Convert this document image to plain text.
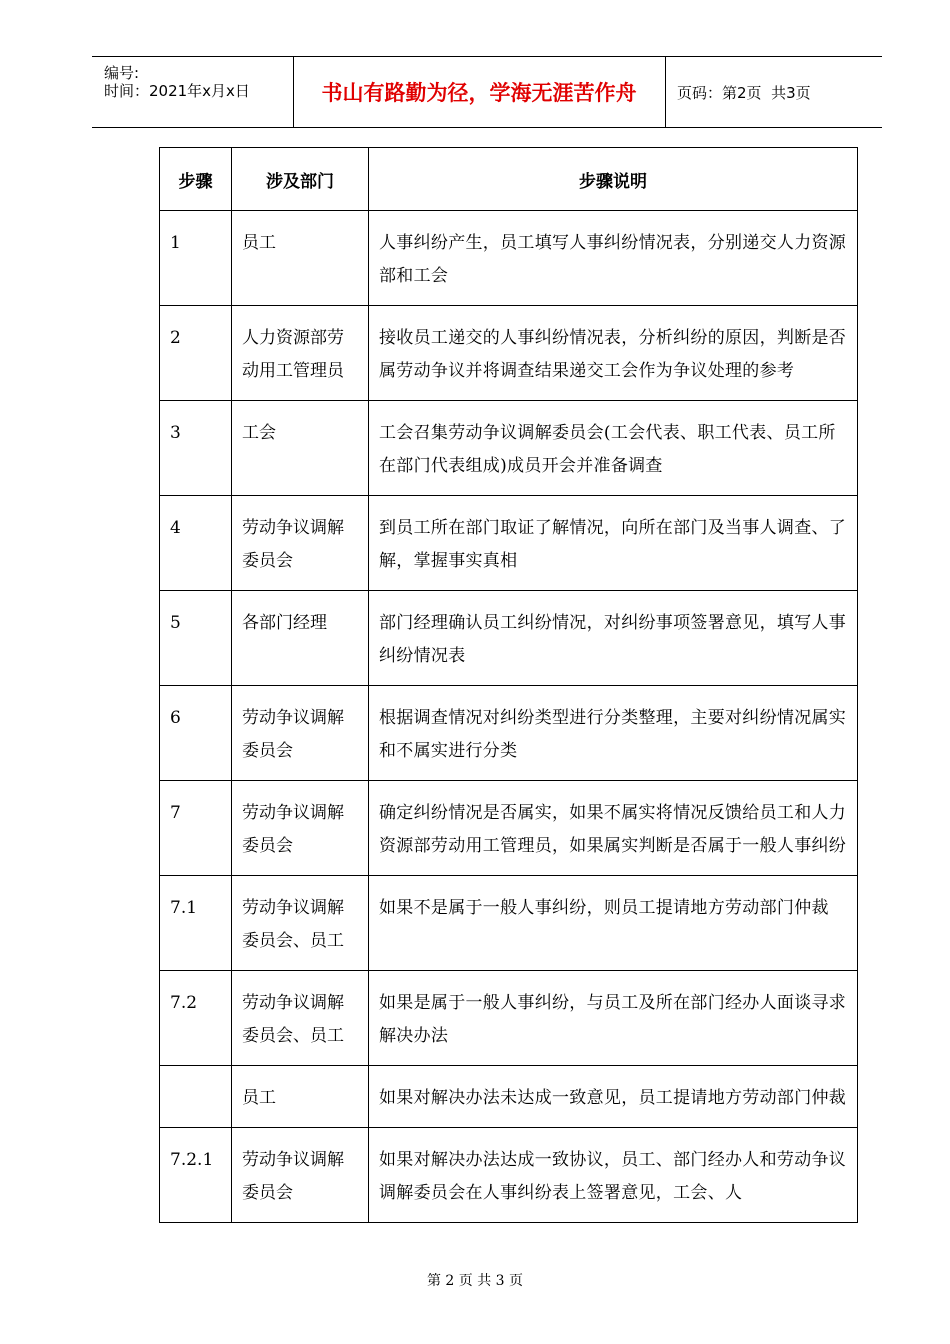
编号:
时间：2021年x月x日	书山有路勤为径，学海无涯苦作舟	页码：第2页  共3页
步骤	涉及部门	步骤说明

1	员工	人事纠纷产生，员工填写人事纠纷情况表，分别递交人力资源部和工会

2	人力资源部劳动用工管理员	接收员工递交的人事纠纷情况表，分析纠纷的原因，判断是否属劳动争议并将调查结果递交工会作为争议处理的参考

3	工会	工会召集劳动争议调解委员会(工会代表、职工代表、员工所在部门代表组成)成员开会并准备调查

4	劳动争议调解委员会	到员工所在部门取证了解情况，向所在部门及当事人调查、了解，掌握事实真相

5	各部门经理	部门经理确认员工纠纷情况，对纠纷事项签署意见，填写人事纠纷情况表

6	劳动争议调解委员会	根据调查情况对纠纷类型进行分类整理，主要对纠纷情况属实和不属实进行分类

7	劳动争议调解委员会	确定纠纷情况是否属实，如果不属实将情况反馈给员工和人力资源部劳动用工管理员，如果属实判断是否属于一般人事纠纷

7.1	劳动争议调解委员会、员工	如果不是属于一般人事纠纷，则员工提请地方劳动部门仲裁

7.2	劳动争议调解委员会、员工	如果是属于一般人事纠纷，与员工及所在部门经办人面谈寻求解决办法

	员工	如果对解决办法未达成一致意见，员工提请地方劳动部门仲裁

7.2.1	劳动争议调解委员会	如果对解决办法达成一致协议，员工、部门经办人和劳动争议调解委员会在人事纠纷表上签署意见，工会、人
第 2 页 共 3 页
